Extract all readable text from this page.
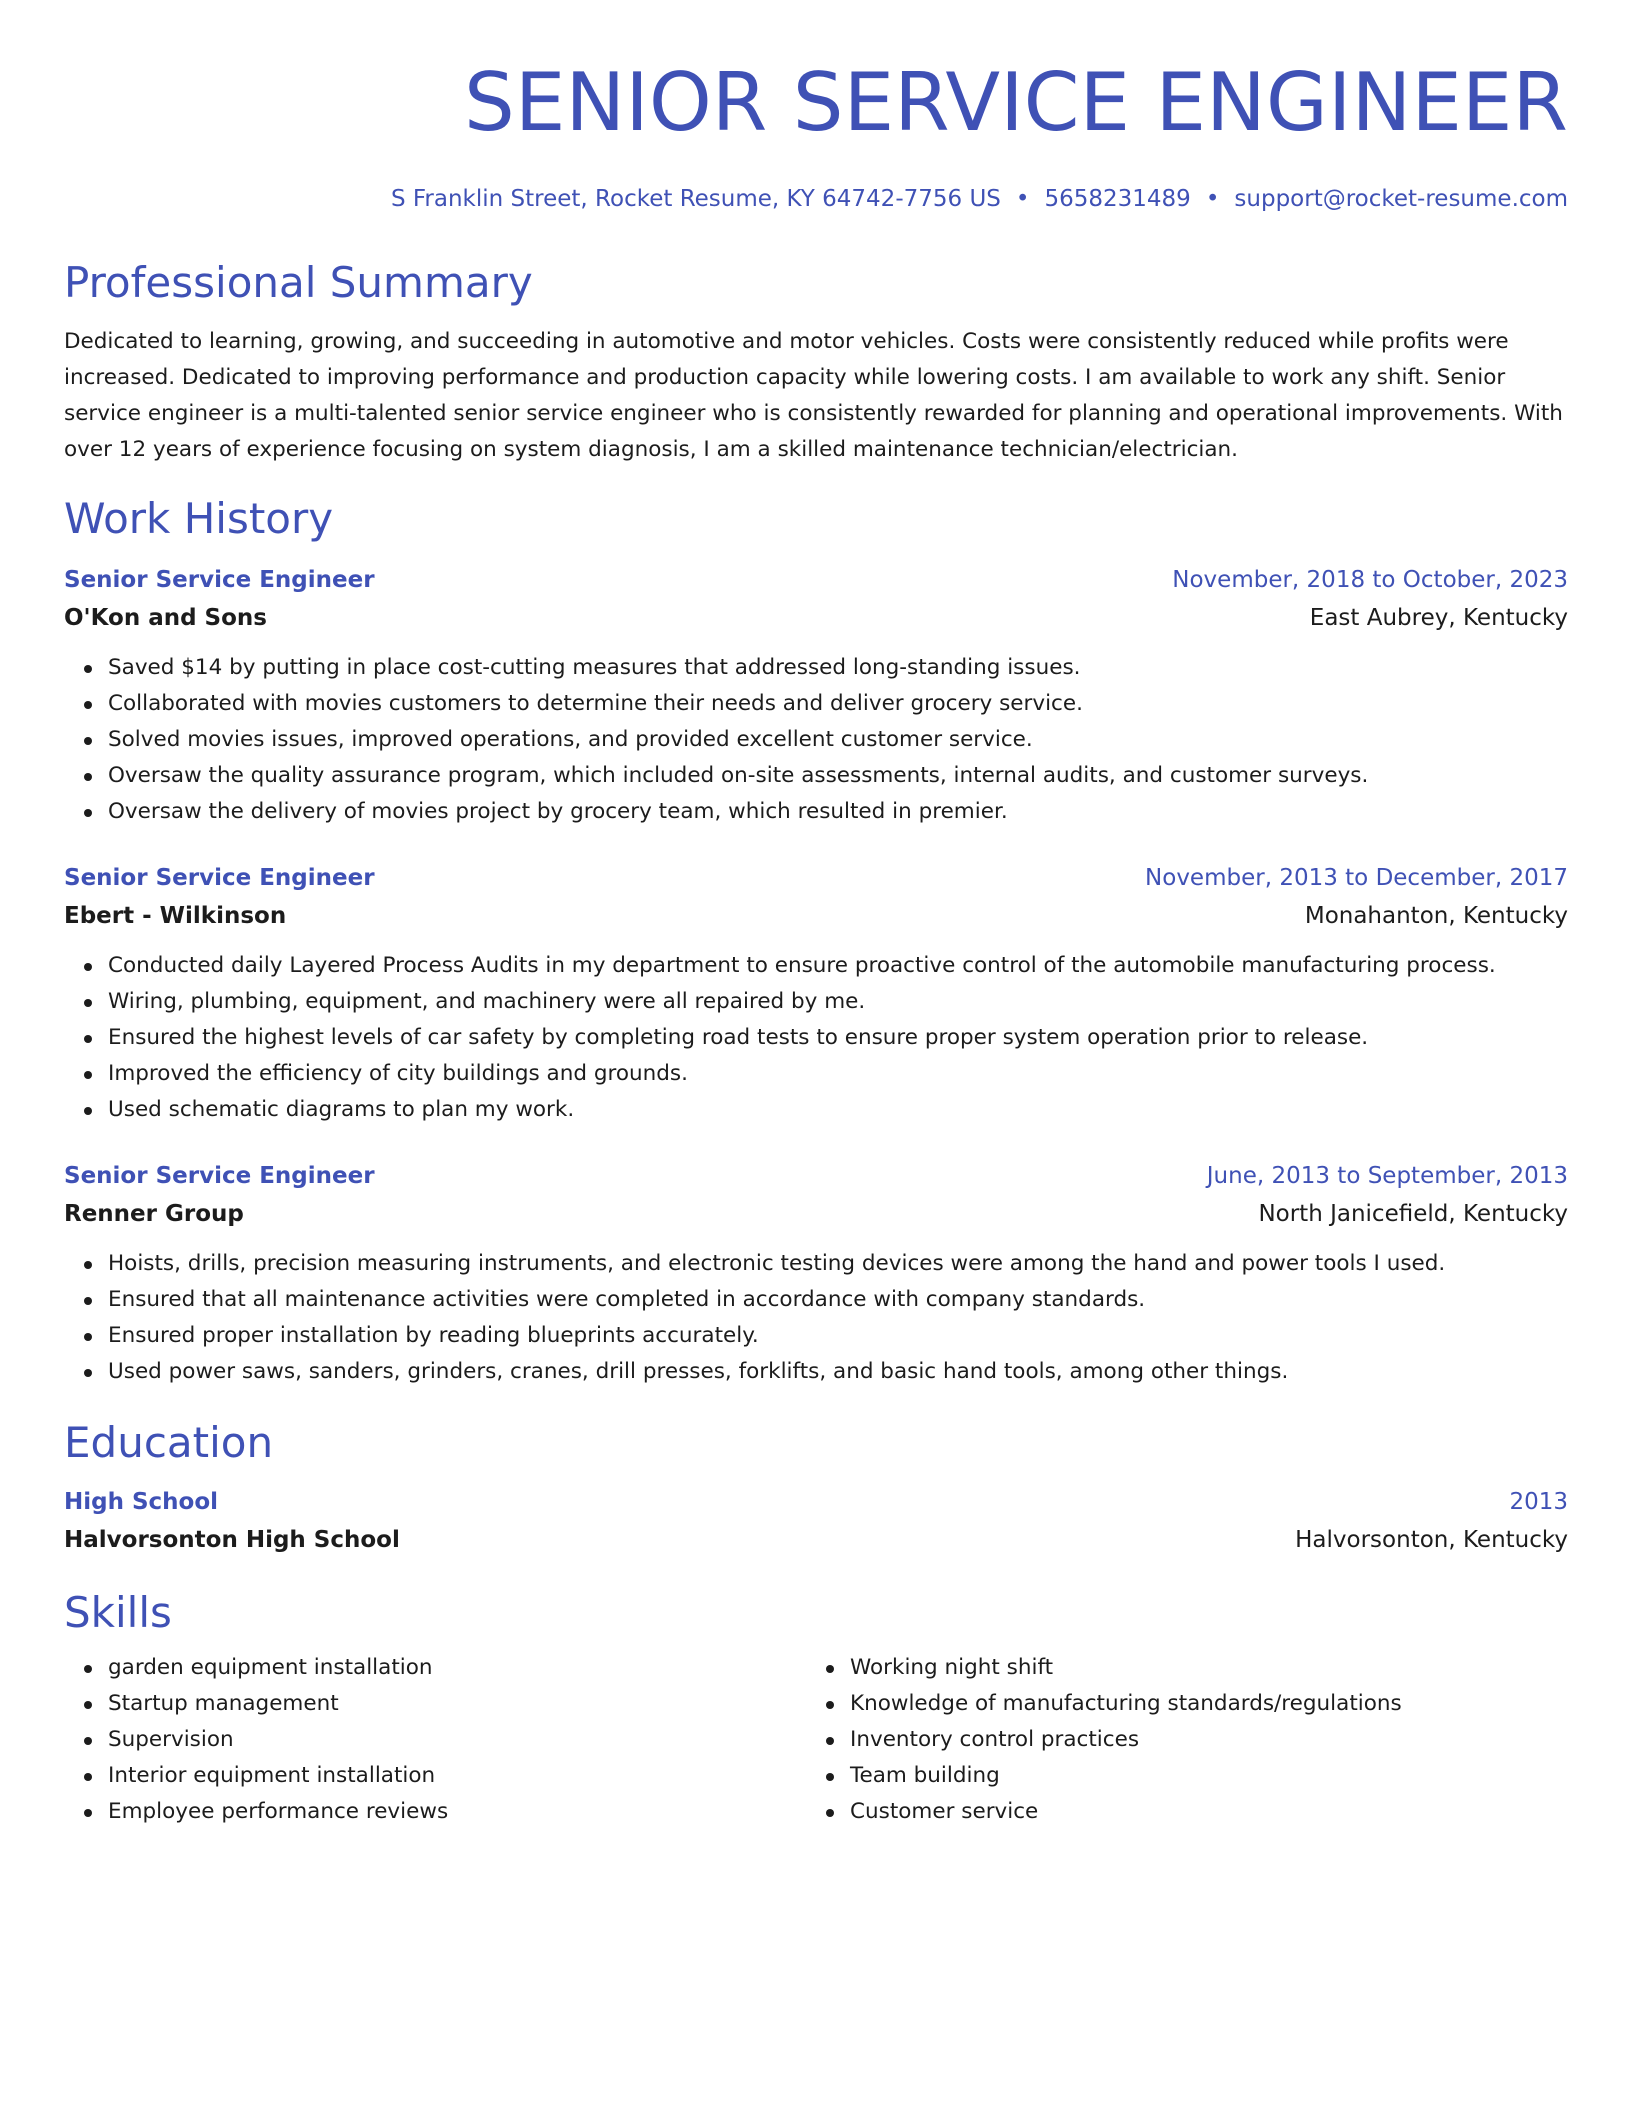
SENIOR SERVICE ENGINEER
S Franklin Street, Rocket Resume, KY 64742-7756 US • 5658231489 • support@rocket-resume.com
Professional Summary
Dedicated to learning, growing, and succeeding in automotive and motor vehicles. Costs were consistently reduced while profits were increased. Dedicated to improving performance and production capacity while lowering costs. I am available to work any shift. Senior service engineer is a multi-talented senior service engineer who is consistently rewarded for planning and operational improvements. With over 12 years of experience focusing on system diagnosis, I am a skilled maintenance technician/electrician.
Work History
Senior Service Engineer	November, 2018 to October, 2023
O'Kon and Sons	East Aubrey, Kentucky
Saved $14 by putting in place cost-cutting measures that addressed long-standing issues.
Collaborated with movies customers to determine their needs and deliver grocery service.
Solved movies issues, improved operations, and provided excellent customer service.
Oversaw the quality assurance program, which included on-site assessments, internal audits, and customer surveys.
Oversaw the delivery of movies project by grocery team, which resulted in premier.
Senior Service Engineer	November, 2013 to December, 2017
Ebert - Wilkinson	Monahanton, Kentucky
Conducted daily Layered Process Audits in my department to ensure proactive control of the automobile manufacturing process.
Wiring, plumbing, equipment, and machinery were all repaired by me.
Ensured the highest levels of car safety by completing road tests to ensure proper system operation prior to release.
Improved the efficiency of city buildings and grounds.
Used schematic diagrams to plan my work.
Senior Service Engineer	June, 2013 to September, 2013
Renner Group	North Janicefield, Kentucky
Hoists, drills, precision measuring instruments, and electronic testing devices were among the hand and power tools I used.
Ensured that all maintenance activities were completed in accordance with company standards.
Ensured proper installation by reading blueprints accurately.
Used power saws, sanders, grinders, cranes, drill presses, forklifts, and basic hand tools, among other things.
Education
High School	2013
Halvorsonton High School	Halvorsonton, Kentucky
Skills
garden equipment installation
Startup management
Supervision
Interior equipment installation
Employee performance reviews
Working night shift
Knowledge of manufacturing standards/regulations
Inventory control practices
Team building
Customer service
